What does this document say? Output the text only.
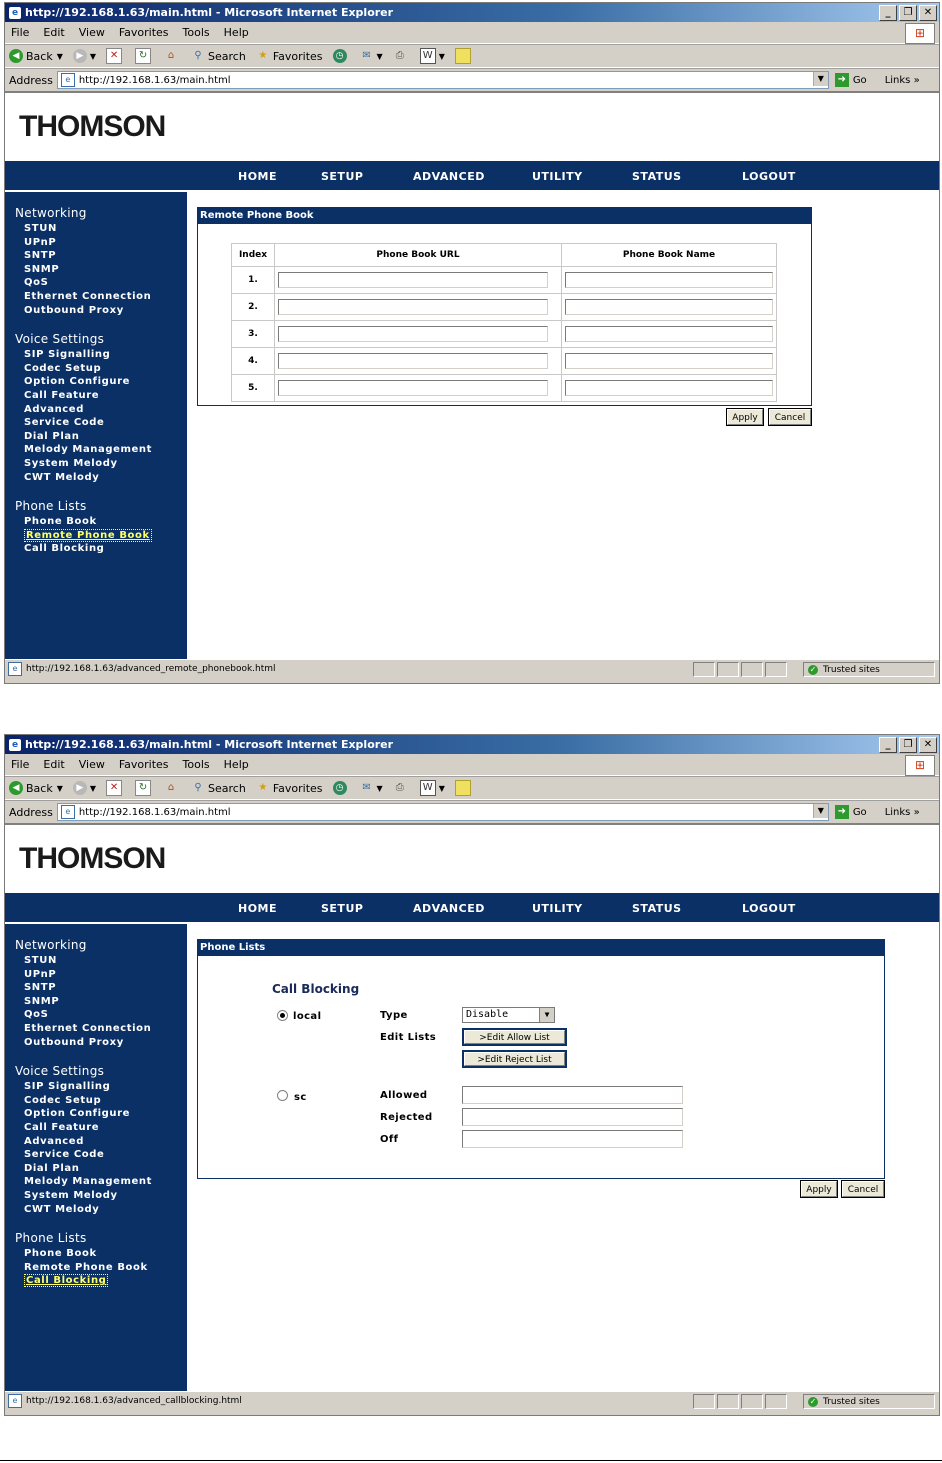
e http://192.168.1.63/main.html - Microsoft Internet Explorer	_	❐	✕
File Edit View Favorites Tools Help	⊞
◀ Back ▼	▶ ▼	✕	↻	⌂	⚲ Search ★ Favorites	◷	✉ ▼	⎙	W ▼
Address	e http://192.168.1.63/main.html	▼	➜ Go Links »
THOMSON
HOME	SETUP	ADVANCED	UTILITY	STATUS	LOGOUT
Networking
STUN
UPnP
SNTP
SNMP
QoS
Ethernet Connection
Outbound Proxy
Voice Settings
SIP Signalling
Codec Setup
Option Configure
Call Feature
Advanced
Service Code
Dial Plan
Melody Management
System Melody
CWT Melody
Phone Lists
Phone Book
Remote Phone Book
Call Blocking
Remote Phone Book
Index	Phone Book URL	Phone Book Name
1.	

2.	

3.	

4.	

5.	

Apply	Cancel
e http://192.168.1.63/advanced_remote_phonebook.html	✓ Trusted sites
e http://192.168.1.63/main.html - Microsoft Internet Explorer	_	❐	✕
File Edit View Favorites Tools Help	⊞
◀ Back ▼	▶ ▼	✕	↻	⌂	⚲ Search ★ Favorites	◷	✉ ▼	⎙	W ▼
Address	e http://192.168.1.63/main.html	▼	➜ Go Links »
THOMSON
HOME	SETUP	ADVANCED	UTILITY	STATUS	LOGOUT
Networking
STUN
UPnP
SNTP
SNMP
QoS
Ethernet Connection
Outbound Proxy
Voice Settings
SIP Signalling
Codec Setup
Option Configure
Call Feature
Advanced
Service Code
Dial Plan
Melody Management
System Melody
CWT Melody
Phone Lists
Phone Book
Remote Phone Book
Call Blocking
Phone Lists
Call Blocking
local	Type	Disable	▼
Edit Lists	>Edit Allow List
>Edit Reject List
sc	Allowed
Rejected
Off
Apply	Cancel
e http://192.168.1.63/advanced_callblocking.html	✓ Trusted sites
